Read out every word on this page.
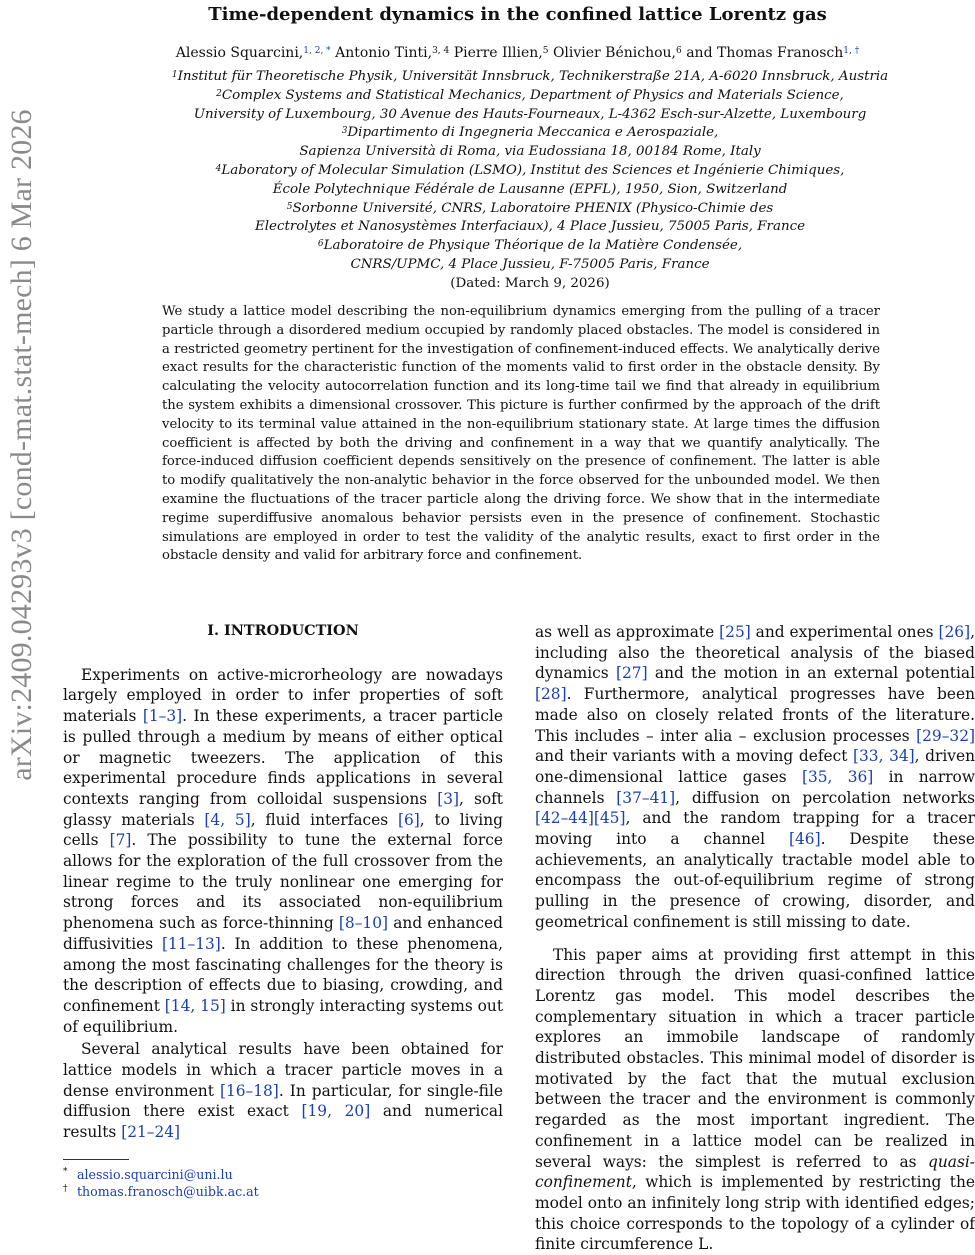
arXiv:2409.04293v3 [cond-mat.stat-mech] 6 Mar 2026
Time-dependent dynamics in the confined lattice Lorentz gas
Alessio Squarcini,$^{1, 2, *}$ Antonio Tinti,$^{3, 4}$ Pierre Illien,$^5$ Olivier Bénichou,$^6$ and Thomas Franosch$^{1, \dagger}$
$^1$Institut für Theoretische Physik, Universität Innsbruck, Technikerstraße 21A, A-6020 Innsbruck, Austria
$^2$Complex Systems and Statistical Mechanics, Department of Physics and Materials Science,
University of Luxembourg, 30 Avenue des Hauts-Fourneaux, L-4362 Esch-sur-Alzette, Luxembourg
$^3$Dipartimento di Ingegneria Meccanica e Aerospaziale,
Sapienza Università di Roma, via Eudossiana 18, 00184 Rome, Italy
$^4$Laboratory of Molecular Simulation (LSMO), Institut des Sciences et Ingénierie Chimiques,
École Polytechnique Fédérale de Lausanne (EPFL), 1950, Sion, Switzerland
$^5$Sorbonne Université, CNRS, Laboratoire PHENIX (Physico-Chimie des
Electrolytes et Nanosystèmes Interfaciaux), 4 Place Jussieu, 75005 Paris, France
$^6$Laboratoire de Physique Théorique de la Matière Condensée,
CNRS/UPMC, 4 Place Jussieu, F-75005 Paris, France
(Dated: March 9, 2026)
We study a lattice model describing the non-equilibrium dynamics emerging from the pulling of a tracer particle through a disordered medium occupied by randomly placed obstacles. The model is considered in a restricted geometry pertinent for the investigation of confinement-induced effects. We analytically derive exact results for the characteristic function of the moments valid to first order in the obstacle density. By calculating the velocity autocorrelation function and its long-time tail we find that already in equilibrium the system exhibits a dimensional crossover. This picture is further confirmed by the approach of the drift velocity to its terminal value attained in the non-equilibrium stationary state. At large times the diffusion coefficient is affected by both the driving and confinement in a way that we quantify analytically. The force-induced diffusion coefficient depends sensitively on the presence of confinement. The latter is able to modify qualitatively the non-analytic behavior in the force observed for the unbounded model. We then examine the fluctuations of the tracer particle along the driving force. We show that in the intermediate regime superdiffusive anomalous behavior persists even in the presence of confinement. Stochastic simulations are employed in order to test the validity of the analytic results, exact to first order in the obstacle density and valid for arbitrary force and confinement.
I. INTRODUCTION

Experiments on active-microrheology are nowadays largely employed in order to infer properties of soft materials [1–3]. In these experiments, a tracer particle is pulled through a medium by means of either optical or magnetic tweezers. The application of this experimental procedure finds applications in several contexts ranging from colloidal suspensions [3], soft glassy materials [4, 5], fluid interfaces [6], to living cells [7]. The possibility to tune the external force allows for the exploration of the full crossover from the linear regime to the truly nonlinear one emerging for strong forces and its associated non-equilibrium phenomena such as force-thinning [8–10] and enhanced diffusivities [11–13]. In addition to these phenomena, among the most fascinating challenges for the theory is the description of effects due to biasing, crowding, and confinement [14, 15] in strongly interacting systems out of equilibrium.

Several analytical results have been obtained for lattice models in which a tracer particle moves in a dense environment [16–18]. In particular, for single-file diffusion there exist exact [19, 20] and numerical results [21–24]

as well as approximate [25] and experimental ones [26], including also the theoretical analysis of the biased dynamics [27] and the motion in an external potential [28]. Furthermore, analytical progresses have been made also on closely related fronts of the literature. This includes – inter alia – exclusion processes [29–32] and their variants with a moving defect [33, 34], driven one-dimensional lattice gases [35, 36] in narrow channels [37–41], diffusion on percolation networks [42–44][45], and the random trapping for a tracer moving into a channel [46]. Despite these achievements, an analytically tractable model able to encompass the out-of-equilibrium regime of strong pulling in the presence of crowing, disorder, and geometrical confinement is still missing to date.

This paper aims at providing first attempt in this direction through the driven quasi-confined lattice Lorentz gas model. This model describes the complementary situation in which a tracer particle explores an immobile landscape of randomly distributed obstacles. This minimal model of disorder is motivated by the fact that the mutual exclusion between the tracer and the environment is commonly regarded as the most important ingredient. The confinement in a lattice model can be realized in several ways: the simplest is referred to as quasi-confinement, which is implemented by restricting the model onto an infinitely long strip with identified edges; this choice corresponds to the topology of a cylinder of finite circumference L.

* alessio.squarcini@uni.lu
† thomas.franosch@uibk.ac.at
